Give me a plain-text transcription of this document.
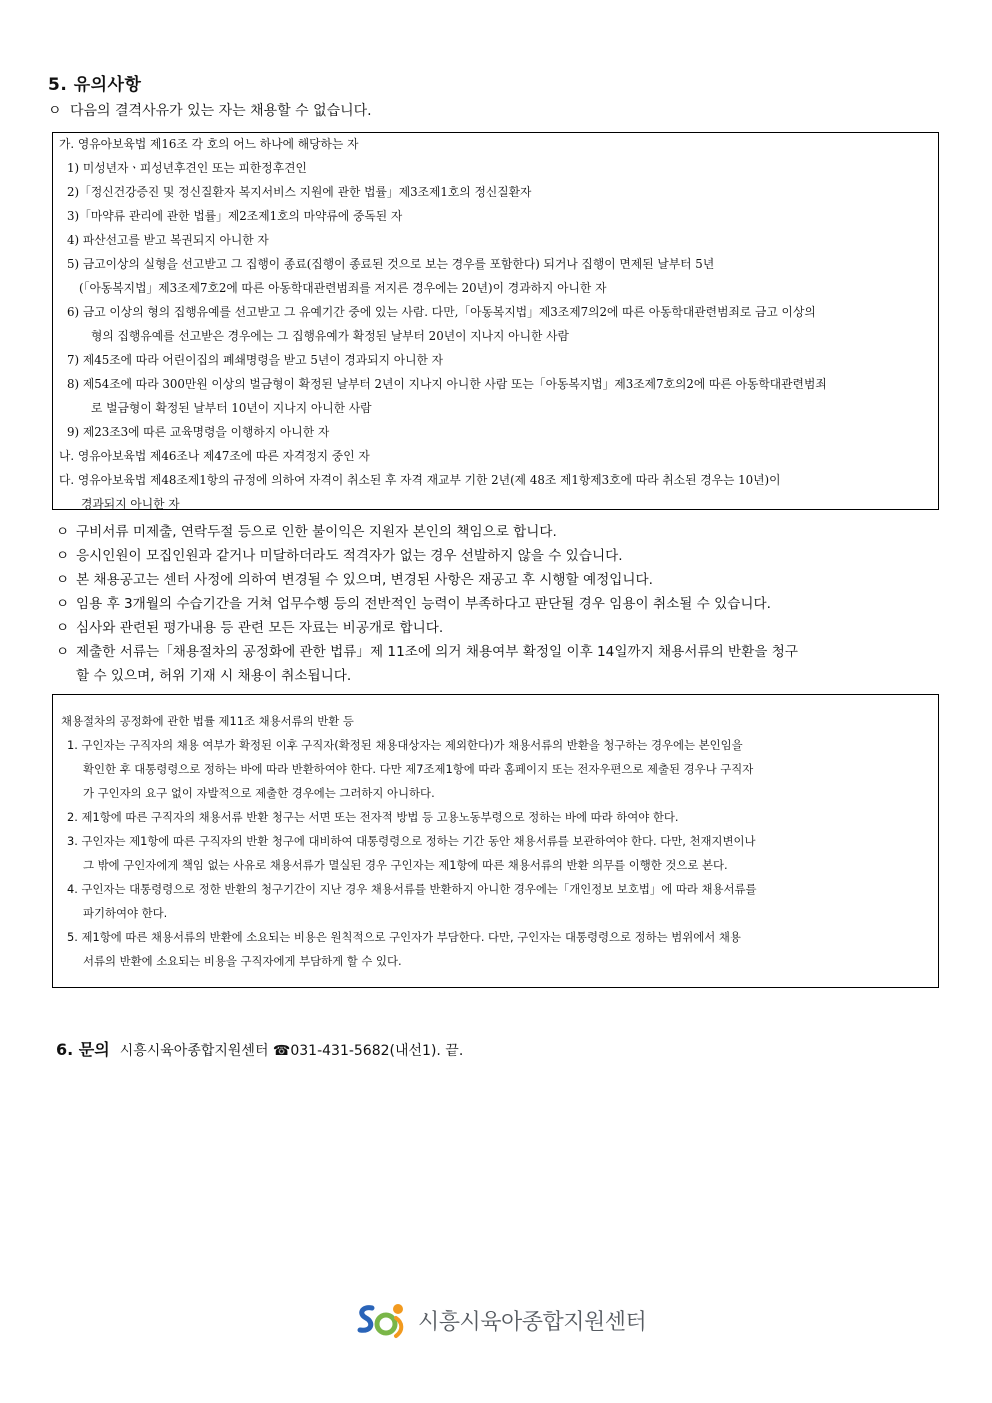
5. 유의사항
ㅇ 다음의 결격사유가 있는 자는 채용할 수 없습니다.
가. 영유아보육법 제16조 각 호의 어느 하나에 해당하는 자
1) 미성년자ㆍ피성년후견인 또는 피한정후견인
2)「정신건강증진 및 정신질환자 복지서비스 지원에 관한 법률」제3조제1호의 정신질환자
3)「마약류 관리에 관한 법률」제2조제1호의 마약류에 중독된 자
4) 파산선고를 받고 복권되지 아니한 자
5) 금고이상의 실형을 선고받고 그 집행이 종료(집행이 종료된 것으로 보는 경우를 포함한다) 되거나 집행이 면제된 날부터 5년
(「아동복지법」제3조제7호2에 따른 아동학대관련범죄를 저지른 경우에는 20년)이 경과하지 아니한 자
6) 금고 이상의 형의 집행유예를 선고받고 그 유예기간 중에 있는 사람. 다만,「아동복지법」제3조제7의2에 따른 아동학대관련범죄로 금고 이상의
형의 집행유예를 선고받은 경우에는 그 집행유예가 확정된 날부터 20년이 지나지 아니한 사람
7) 제45조에 따라 어린이집의 폐쇄명령을 받고 5년이 경과되지 아니한 자
8) 제54조에 따라 300만원 이상의 벌금형이 확정된 날부터 2년이 지나지 아니한 사람 또는「아동복지법」제3조제7호의2에 따른 아동학대관련범죄
로 벌금형이 확정된 날부터 10년이 지나지 아니한 사람
9) 제23조3에 따른 교육명령을 이행하지 아니한 자
나. 영유아보육법 제46조나 제47조에 따른 자격정지 중인 자
다. 영유아보육법 제48조제1항의 규정에 의하여 자격이 취소된 후 자격 재교부 기한 2년(제 48조 제1항제3호에 따라 취소된 경우는 10년)이
경과되지 아니한 자
ㅇ 구비서류 미제출, 연락두절 등으로 인한 불이익은 지원자 본인의 책임으로 합니다.
ㅇ 응시인원이 모집인원과 같거나 미달하더라도 적격자가 없는 경우 선발하지 않을 수 있습니다.
ㅇ 본 채용공고는 센터 사정에 의하여 변경될 수 있으며, 변경된 사항은 재공고 후 시행할 예정입니다.
ㅇ 임용 후 3개월의 수습기간을 거쳐 업무수행 등의 전반적인 능력이 부족하다고 판단될 경우 임용이 취소될 수 있습니다.
ㅇ 심사와 관련된 평가내용 등 관련 모든 자료는 비공개로 합니다.
ㅇ 제출한 서류는「채용절차의 공정화에 관한 법류」제 11조에 의거 채용여부 확정일 이후 14일까지 채용서류의 반환을 청구
할 수 있으며, 허위 기재 시 채용이 취소됩니다.
채용절차의 공정화에 관한 법률 제11조 채용서류의 반환 등
1. 구인자는 구직자의 채용 여부가 확정된 이후 구직자(확정된 채용대상자는 제외한다)가 채용서류의 반환을 청구하는 경우에는 본인임을
확인한 후 대통령령으로 정하는 바에 따라 반환하여야 한다. 다만 제7조제1항에 따라 홈페이지 또는 전자우편으로 제출된 경우나 구직자
가 구인자의 요구 없이 자발적으로 제출한 경우에는 그러하지 아니하다.
2. 제1항에 따른 구직자의 채용서류 반환 청구는 서면 또는 전자적 방법 등 고용노동부령으로 정하는 바에 따라 하여야 한다.
3. 구인자는 제1항에 따른 구직자의 반환 청구에 대비하여 대통령령으로 정하는 기간 동안 채용서류를 보관하여야 한다. 다만, 천재지변이나
그 밖에 구인자에게 책임 없는 사유로 채용서류가 멸실된 경우 구인자는 제1항에 따른 채용서류의 반환 의무를 이행한 것으로 본다.
4. 구인자는 대통령령으로 정한 반환의 청구기간이 지난 경우 채용서류를 반환하지 아니한 경우에는「개인정보 보호법」에 따라 채용서류를
파기하여야 한다.
5. 제1항에 따른 채용서류의 반환에 소요되는 비용은 원칙적으로 구인자가 부담한다. 다만, 구인자는 대통령령으로 정하는 범위에서 채용
서류의 반환에 소요되는 비용을 구직자에게 부담하게 할 수 있다.
6. 문의 시흥시육아종합지원센터 ☎031-431-5682(내선1). 끝.
시흥시육아종합지원센터
